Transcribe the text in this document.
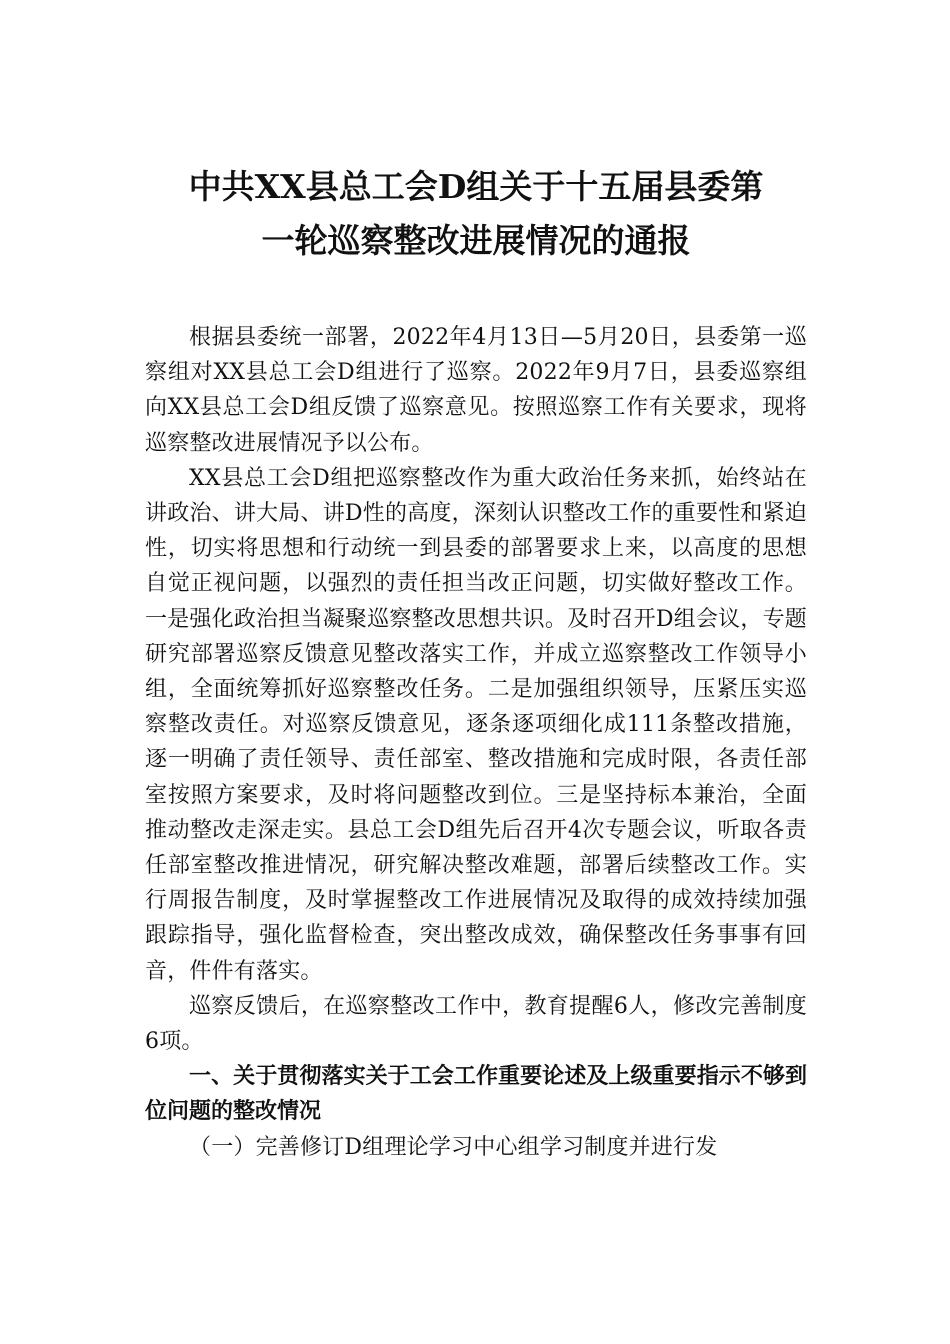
中共XX县总工会D组关于十五届县委第
一轮巡察整改进展情况的通报

根据县委统一部署，2022年4月13日—5月20日，县委第一巡察组对XX县总工会D组进行了巡察。2022年9月7日，县委巡察组向XX县总工会D组反馈了巡察意见。按照巡察工作有关要求，现将巡察整改进展情况予以公布。

XX县总工会D组把巡察整改作为重大政治任务来抓，始终站在讲政治、讲大局、讲D性的高度，深刻认识整改工作的重要性和紧迫性，切实将思想和行动统一到县委的部署要求上来，以高度的思想自觉正视问题，以强烈的责任担当改正问题，切实做好整改工作。一是强化政治担当凝聚巡察整改思想共识。及时召开D组会议，专题研究部署巡察反馈意见整改落实工作，并成立巡察整改工作领导小组，全面统筹抓好巡察整改任务。二是加强组织领导，压紧压实巡察整改责任。对巡察反馈意见，逐条逐项细化成111条整改措施，逐一明确了责任领导、责任部室、整改措施和完成时限，各责任部室按照方案要求，及时将问题整改到位。三是坚持标本兼治，全面推动整改走深走实。县总工会D组先后召开4次专题会议，听取各责任部室整改推进情况，研究解决整改难题，部署后续整改工作。实行周报告制度，及时掌握整改工作进展情况及取得的成效持续加强跟踪指导，强化监督检查，突出整改成效，确保整改任务事事有回音，件件有落实。

巡察反馈后，在巡察整改工作中，教育提醒6人，修改完善制度6项。

一、关于贯彻落实关于工会工作重要论述及上级重要指示不够到位问题的整改情况

（一）完善修订D组理论学习中心组学习制度并进行发
